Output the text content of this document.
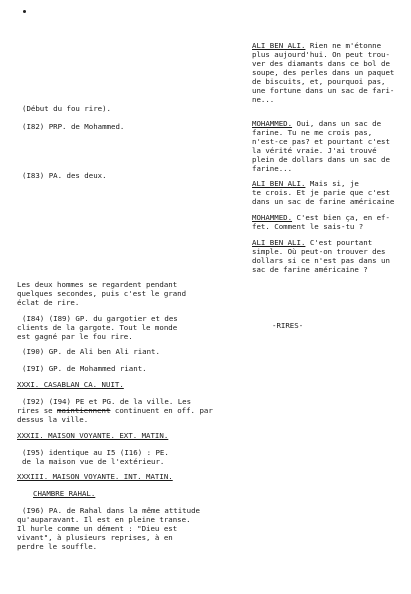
ALI BEN ALI. Rien ne m'étonne
plus aujourd'hui. On peut trou-
ver des diamants dans ce bol de
soupe, des perles dans un paquet
de biscuits, et, pourquoi pas,
une fortune dans un sac de fari-
ne...
(Début du fou rire).
(I82) PRP. de Mohammed.	MOHAMMED. Oui, dans un sac de
farine. Tu ne me crois pas,
n'est-ce pas? et pourtant c'est
la vérité vraie. J'ai trouvé
plein de dollars dans un sac de
farine...
(I83) PA. des deux.
ALI BEN ALI. Mais si, je
te crois. Et je parie que c'est
dans un sac de farine américaine
MOHAMMED. C'est bien ça, en ef-
fet. Comment le sais-tu ?
ALI BEN ALI. C'est pourtant
simple. Où peut-on trouver des
dollars si ce n'est pas dans un
sac de farine américaine ?
Les deux hommes se regardent pendant
quelques secondes, puis c'est le grand
éclat de rire.
(I84) (I89) GP. du gargotier et des
clients de la gargote. Tout le monde
est gagné par le fou rire.
-RIRES-
(I90) GP. de Ali ben Ali riant.
(I9I) GP. de Mohammed riant.
XXXI. CASABLAN CA. NUIT.
(I92) (I94) PE et PG. de la ville. Les
rires se maintiennent continuent en off. par
dessus la ville.
XXXII. MAISON VOYANTE. EXT. MATIN.
(I95) identique au I5 (I16) : PE.
de la maison vue de l'extérieur.
XXXIII. MAISON VOYANTE. INT. MATIN.
CHAMBRE RAHAL.
(I96) PA. de Rahal dans la même attitude
qu'auparavant. Il est en pleine transe.
Il hurle comme un dément : "Dieu est
vivant", à plusieurs reprises, à en
perdre le souffle.
